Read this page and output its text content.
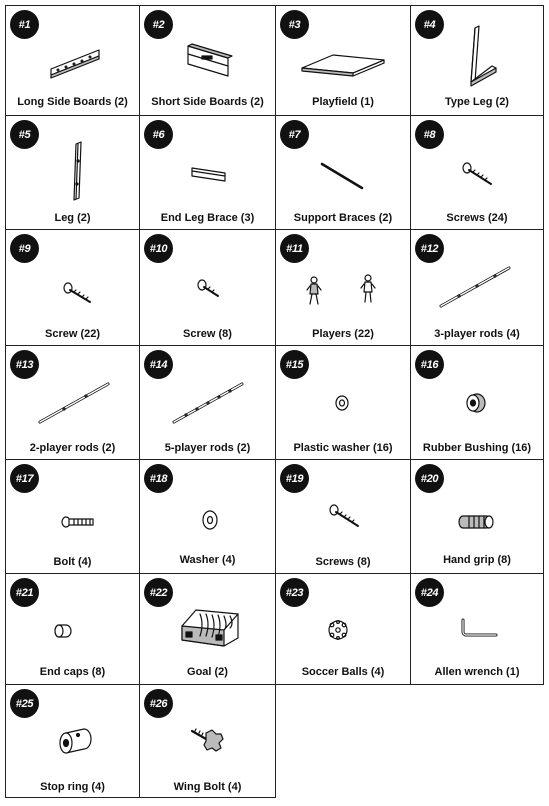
#1
Long Side Boards (2)
#2
Short Side Boards (2)
#3
Playfield (1)
#4
Type Leg (2)
#5
Leg (2)
#6
End Leg Brace (3)
#7
Support Braces (2)
#8
Screws (24)
#9
Screw (22)
#10
Screw (8)
#11
Players (22)
#12
3-player rods (4)
#13
2-player rods (2)
#14
5-player rods (2)
#15
Plastic washer (16)
#16
Rubber Bushing (16)
#17
Bolt (4)
#18
Washer (4)
#19
Screws (8)
#20
Hand grip (8)
#21
End caps (8)
#22
Goal (2)
#23
Soccer Balls (4)
#24
Allen wrench (1)
#25
Stop ring (4)
#26
Wing Bolt (4)
